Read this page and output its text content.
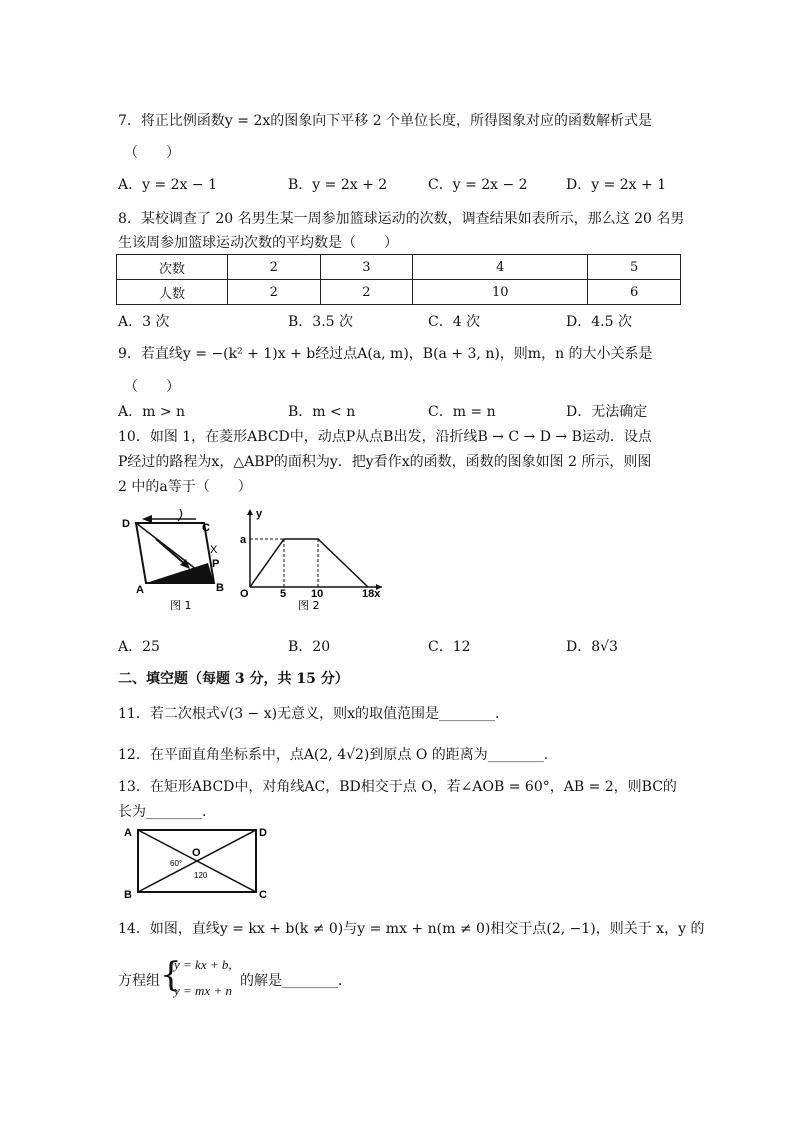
7．将正比例函数y = 2x的图象向下平移 2 个单位长度，所得图象对应的函数解析式是
（　　）
A．y = 2x − 1	B．y = 2x + 2	C．y = 2x − 2	D．y = 2x + 1
8．某校调查了 20 名男生某一周参加篮球运动的次数，调查结果如表所示，那么这 20 名男
生该周参加篮球运动次数的平均数是（　　）
次数	2	3	4	5
人数	2	2	10	6
A．3 次	B．3.5 次	C．4 次	D．4.5 次
9．若直线y = −(k² + 1)x + b经过点A(a, m)，B(a + 3, n)，则m，n 的大小关系是
（　　）
A．m > n	B．m < n	C．m = n	D．无法确定
10．如图 1，在菱形ABCD中，动点P从点B出发，沿折线B → C → D → B运动．设点
P经过的路程为x，△ABP的面积为y．把y看作x的函数，函数的图象如图 2 所示，则图
2 中的a等于（　　）
D	C
A	B
P
X
图 1
y
a
O	5 10	18x
图 2
A．25	B．20	C．12	D．8√3
二、填空题（每题 3 分，共 15 分）
11．若二次根式√(3 − x)无意义，则x的取值范围是________．
12．在平面直角坐标系中，点A(2, 4√2)到原点 O 的距离为________．
13．在矩形ABCD中，对角线AC，BD相交于点 O，若∠AOB = 60°，AB = 2，则BC的
长为________．
A	D
B	C
O
60°
120
14．如图，直线y = kx + b(k ≠ 0)与y = mx + n(m ≠ 0)相交于点(2, −1)，则关于 x，y 的
方程组 {
y = kx + b,
y = mx + n
的解是________．
